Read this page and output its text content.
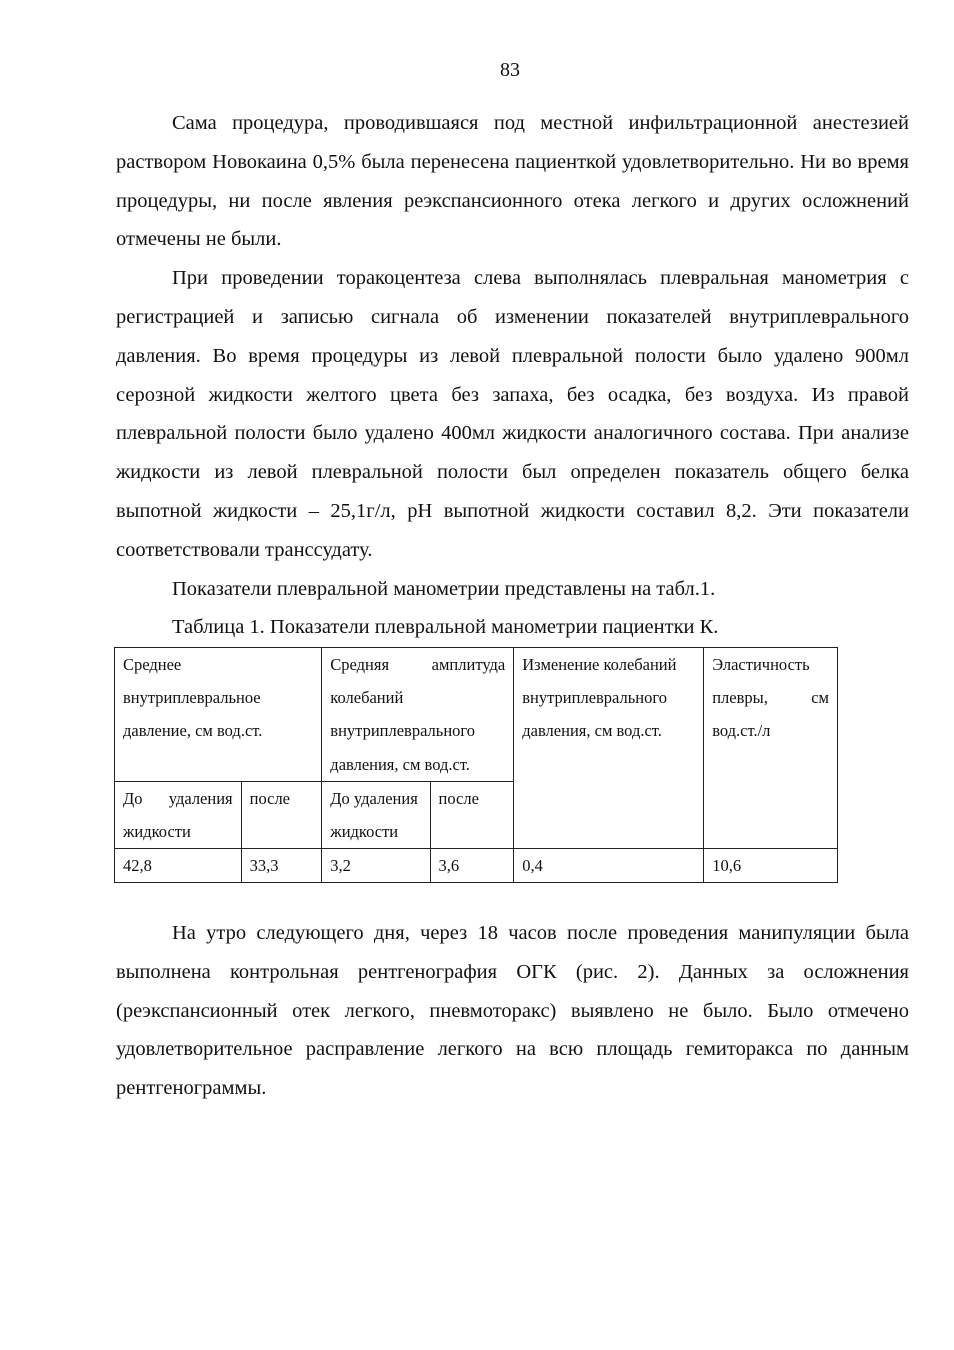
83

Сама процедура, проводившаяся под местной инфильтрационной анестезией раствором Новокаина 0,5% была перенесена пациенткой удовлетворительно. Ни во время процедуры, ни после явления реэкспансионного отека легкого и других осложнений отмечены не были.

При проведении торакоцентеза слева выполнялась плевральная манометрия с регистрацией и записью сигнала об изменении показателей внутриплеврального давления. Во время процедуры из левой плевральной полости было удалено 900мл серозной жидкости желтого цвета без запаха, без осадка, без воздуха. Из правой плевральной полости было удалено 400мл жидкости аналогичного состава. При анализе жидкости из левой плевральной полости был определен показатель общего белка выпотной жидкости – 25,1г/л, pH выпотной жидкости составил 8,2. Эти показатели соответствовали транссудату.

Показатели плевральной манометрии представлены на табл.1.

Таблица 1. Показатели плевральной манометрии пациентки К.

Среднее внутриплевральное давление, см вод.ст.		Средняя амплитуда колебаний внутриплеврального давления, см вод.ст.		Изменение колебаний внутриплеврального давления, см вод.ст.	Эластичность плевры, см вод.ст./л
До удаления жидкости	после	До удаления жидкости	после		
42,8	33,3	3,2	3,6	0,4	10,6

На утро следующего дня, через 18 часов после проведения манипуляции была выполнена контрольная рентгенография ОГК (рис. 2). Данных за осложнения (реэкспансионный отек легкого, пневмоторакс) выявлено не было. Было отмечено удовлетворительное расправление легкого на всю площадь гемиторакса по данным рентгенограммы.
